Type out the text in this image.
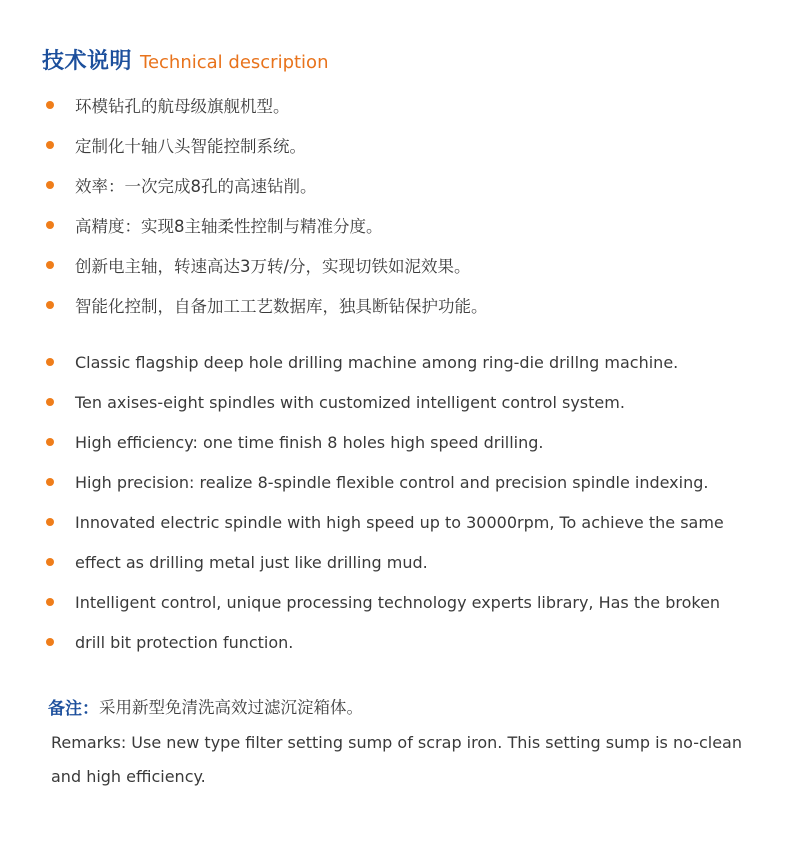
技术说明 Technical description
环模钻孔的航母级旗舰机型。
定制化十轴八头智能控制系统。
效率：一次完成8孔的高速钻削。
高精度：实现8主轴柔性控制与精准分度。
创新电主轴，转速高达3万转/分，实现切铁如泥效果。
智能化控制，自备加工工艺数据库，独具断钻保护功能。
Classic flagship deep hole drilling machine among ring-die drillng machine.
Ten axises-eight spindles with customized intelligent control system.
High efficiency: one time finish 8 holes high speed drilling.
High precision: realize 8-spindle flexible control and precision spindle indexing.
Innovated electric spindle with high speed up to 30000rpm, To achieve the same
effect as drilling metal just like drilling mud.
Intelligent control, unique processing technology experts library, Has the broken
drill bit protection function.
备注： 采用新型免清洗高效过滤沉淀箱体。
Remarks: Use new type filter setting sump of scrap iron. This setting sump is no-clean and high efficiency.
